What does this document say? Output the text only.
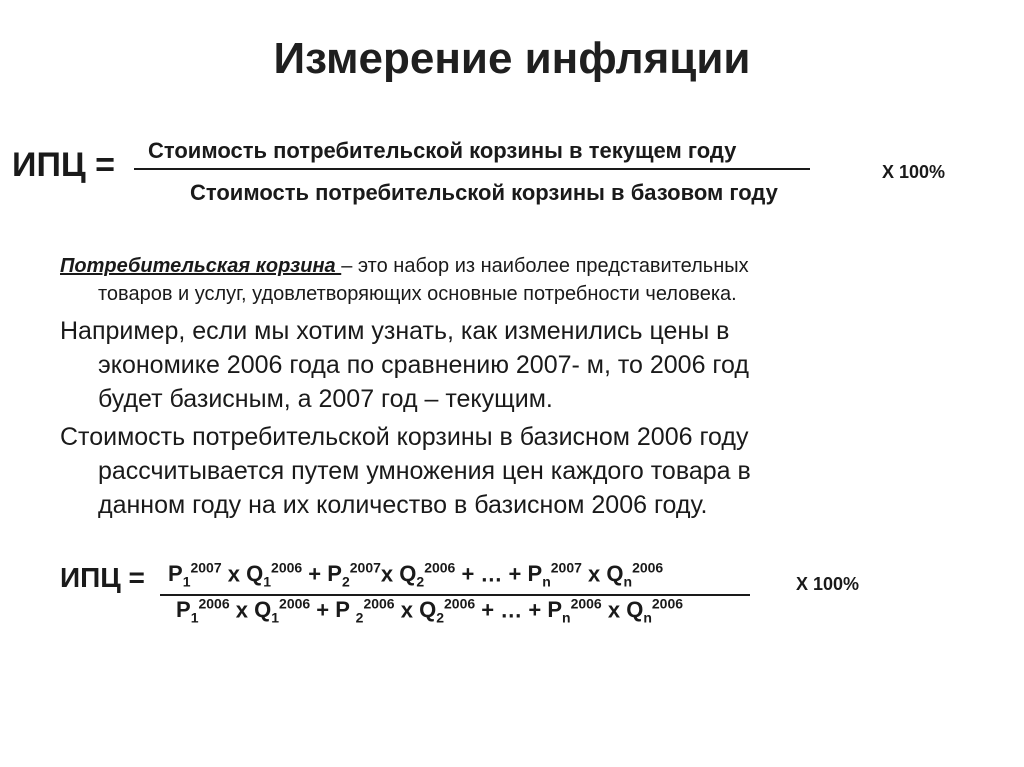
Измерение инфляции
ИПЦ = Стоимость потребительской корзины в текущем году
Стоимость потребительской корзины в базовом году
Х 100%
Потребительская корзина – это набор из наиболее представительных
товаров и услуг, удовлетворяющих основные потребности человека.
Например, если мы хотим узнать, как изменились цены в
экономике 2006 года по сравнению 2007- м, то 2006 год
будет базисным, а 2007 год – текущим.
Стоимость потребительской корзины в базисном 2006 году
рассчитывается путем умножения цен каждого товара в
данном году на их количество в базисном 2006 году.
ИПЦ = $P_1^{2007}$ х $Q_1^{2006} + P_2^{2007}х$ $Q_2^{2006}$ + … + $P_n^{2007}$ х $Q_n^{2006}$
$P_1^{2006}$ х $Q_1^{2006} + P$ $_2^{2006}$ х $Q_2^{2006}$ + … + $P_n^{2006}$ х $Q_n^{2006}$
Х 100%
